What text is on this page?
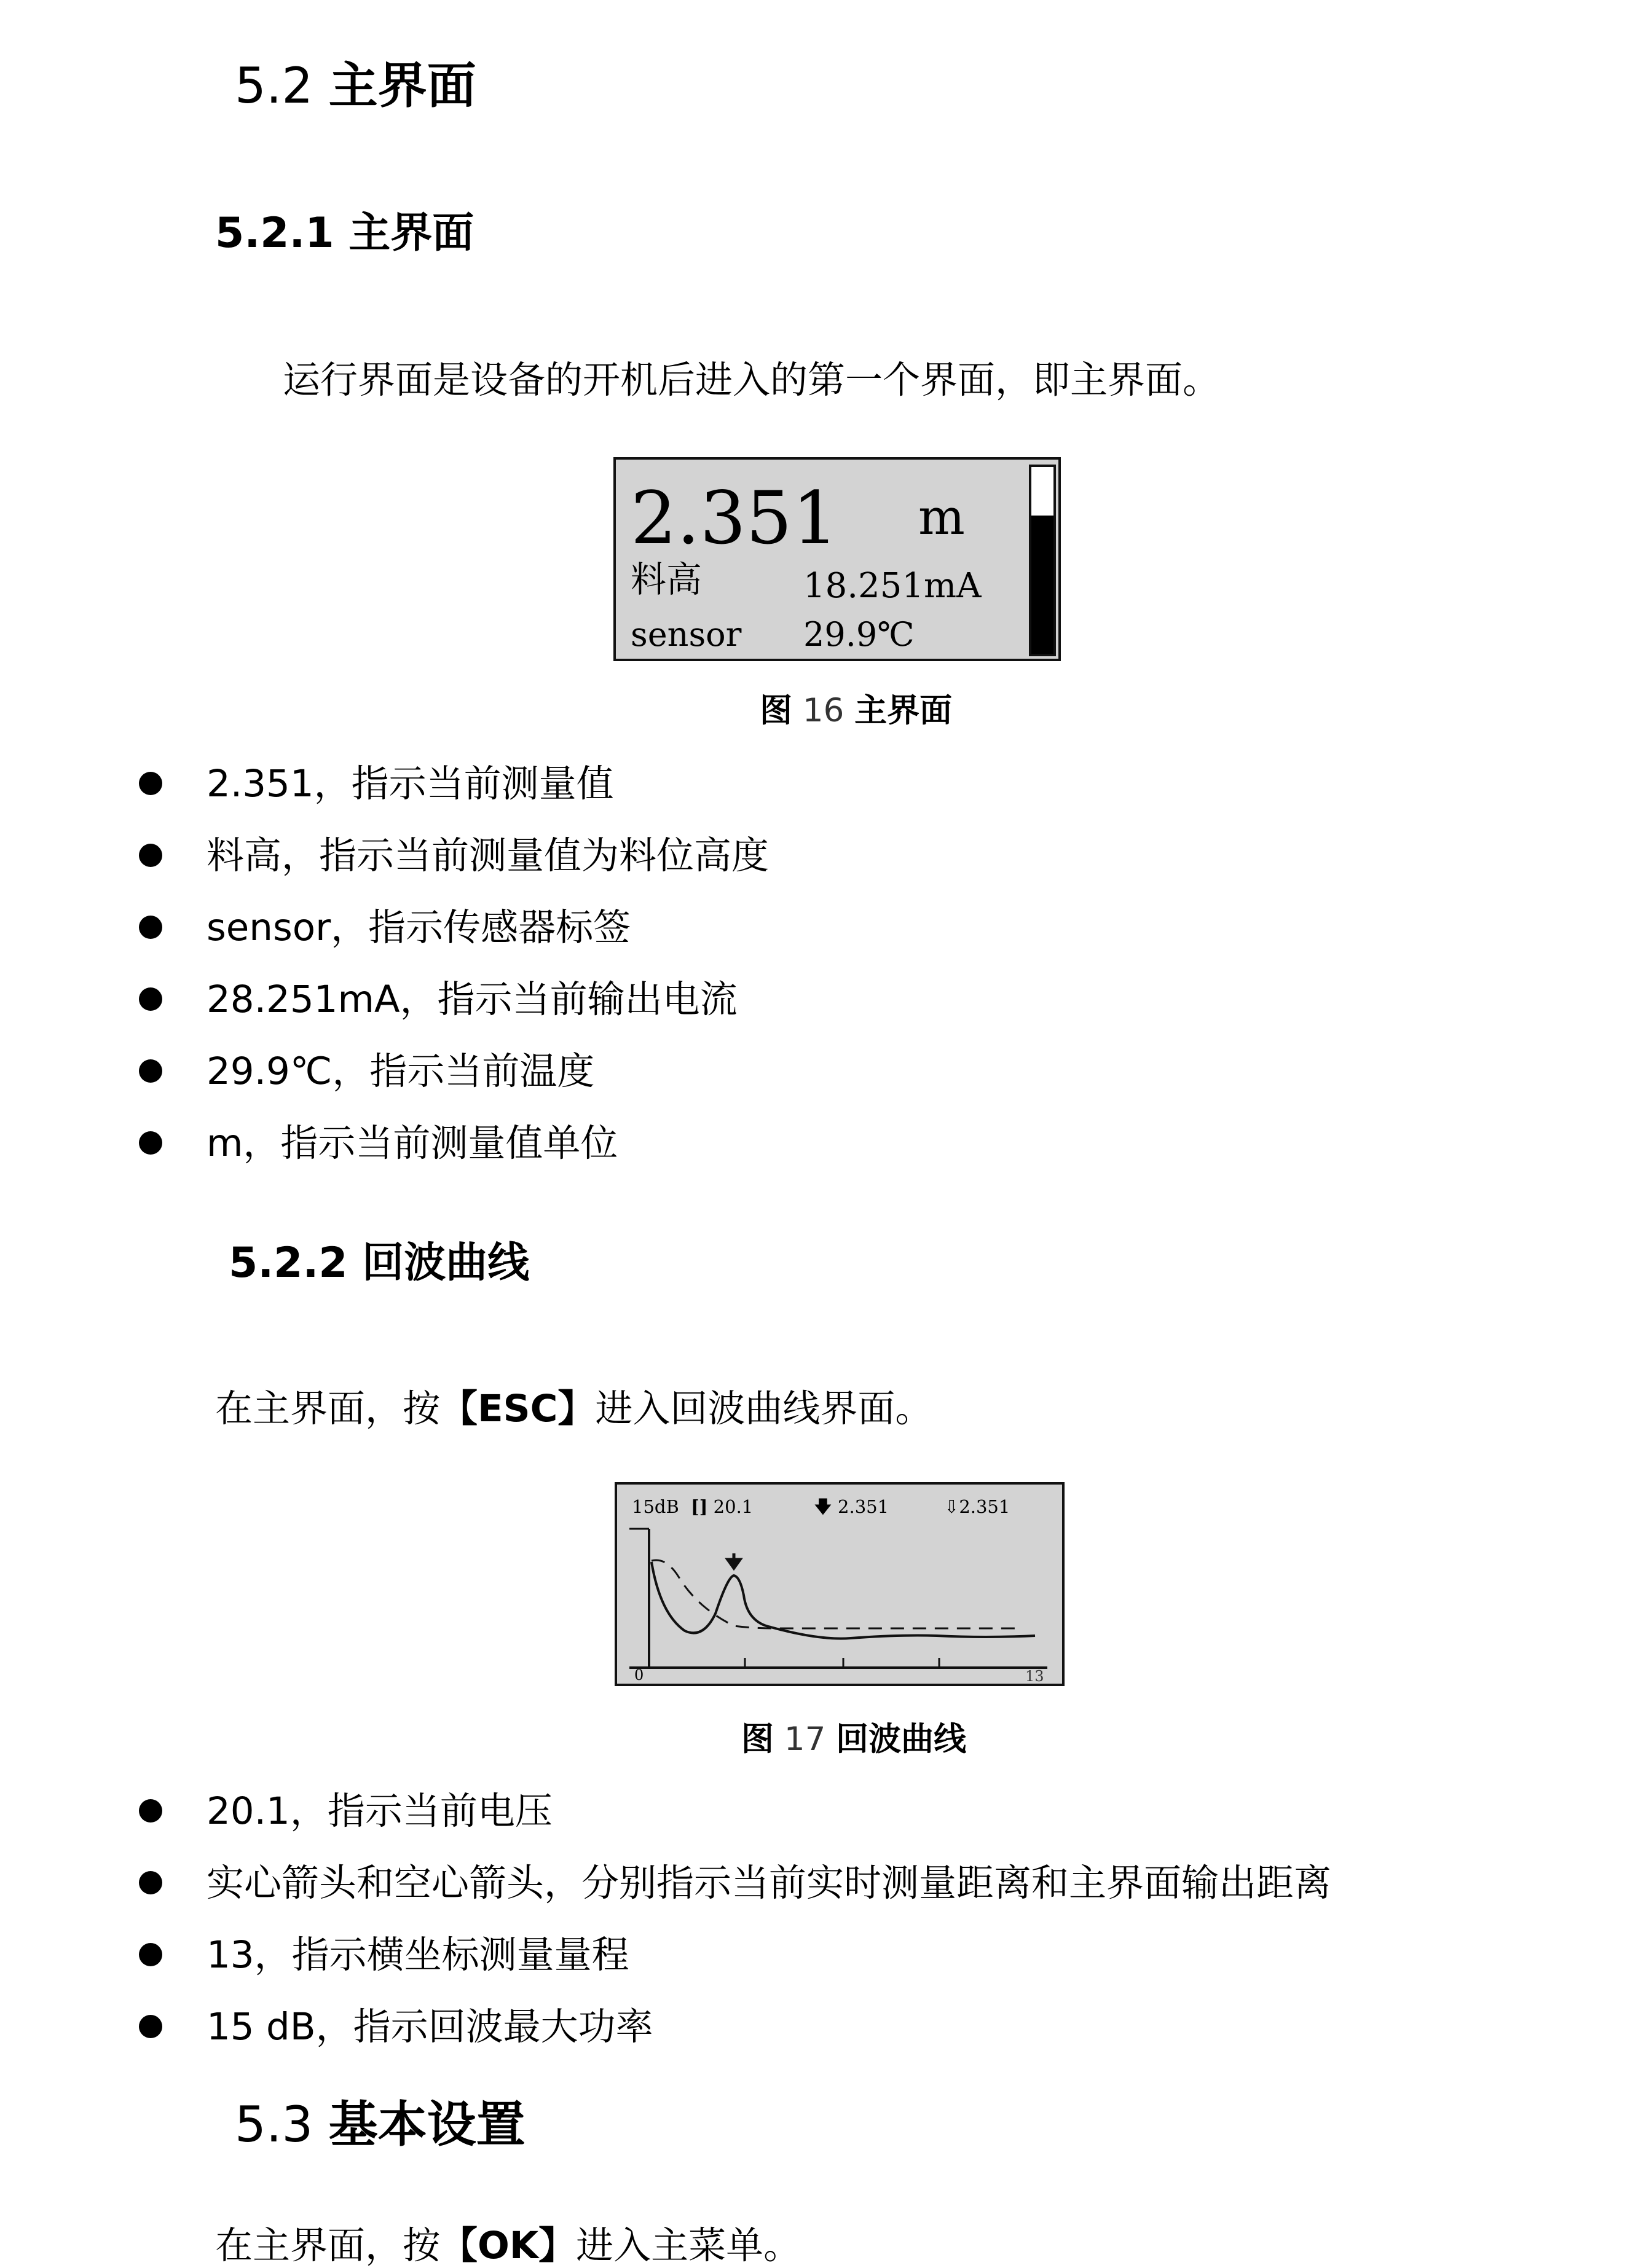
5.2 主界面
5.2.1 主界面
运行界面是设备的开机后进入的第一个界面，即主界面。
2.351 m
料高	18.251mA
sensor 29.9℃
图 16 主界面
2.351，指示当前测量值
料高，指示当前测量值为料位高度
sensor，指示传感器标签
28.251mA，指示当前输出电流
29.9℃，指示当前温度
m，指示当前测量值单位
5.2.2 回波曲线
在主界面，按【ESC】进入回波曲线界面。
15dB [] 20.1	🡇 2.351	⇩2.351
0	13
图 17 回波曲线
20.1，指示当前电压
实心箭头和空心箭头，分别指示当前实时测量距离和主界面输出距离
13，指示横坐标测量量程
15 dB，指示回波最大功率
5.3 基本设置
在主界面，按【OK】进入主菜单。
